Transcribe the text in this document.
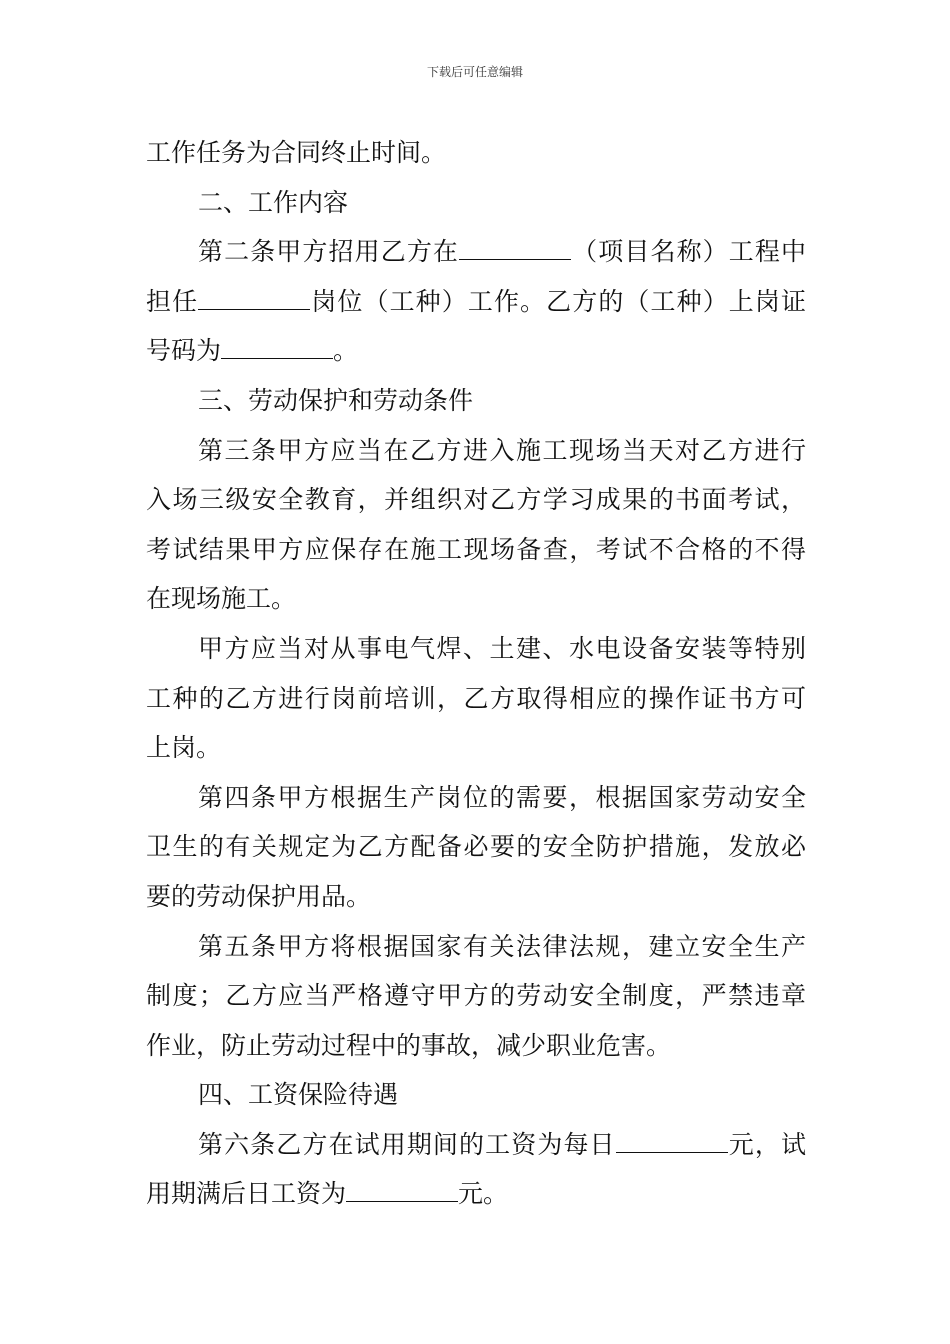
下载后可任意编辑
工作任务为合同终止时间。
二、工作内容
第二条甲方招用乙方在	（项目名称）工程中
担任	岗位（工种）工作。乙方的（工种）上岗证
号码为	。
三、劳动保护和劳动条件
第三条甲方应当在乙方进入施工现场当天对乙方进行
入场三级安全教育，并组织对乙方学习成果的书面考试，
考试结果甲方应保存在施工现场备查，考试不合格的不得
在现场施工。
甲方应当对从事电气焊、土建、水电设备安装等特别
工种的乙方进行岗前培训，乙方取得相应的操作证书方可
上岗。
第四条甲方根据生产岗位的需要，根据国家劳动安全
卫生的有关规定为乙方配备必要的安全防护措施，发放必
要的劳动保护用品。
第五条甲方将根据国家有关法律法规，建立安全生产
制度；乙方应当严格遵守甲方的劳动安全制度，严禁违章
作业，防止劳动过程中的事故，减少职业危害。
四、工资保险待遇
第六条乙方在试用期间的工资为每日	元，试
用期满后日工资为	元。
